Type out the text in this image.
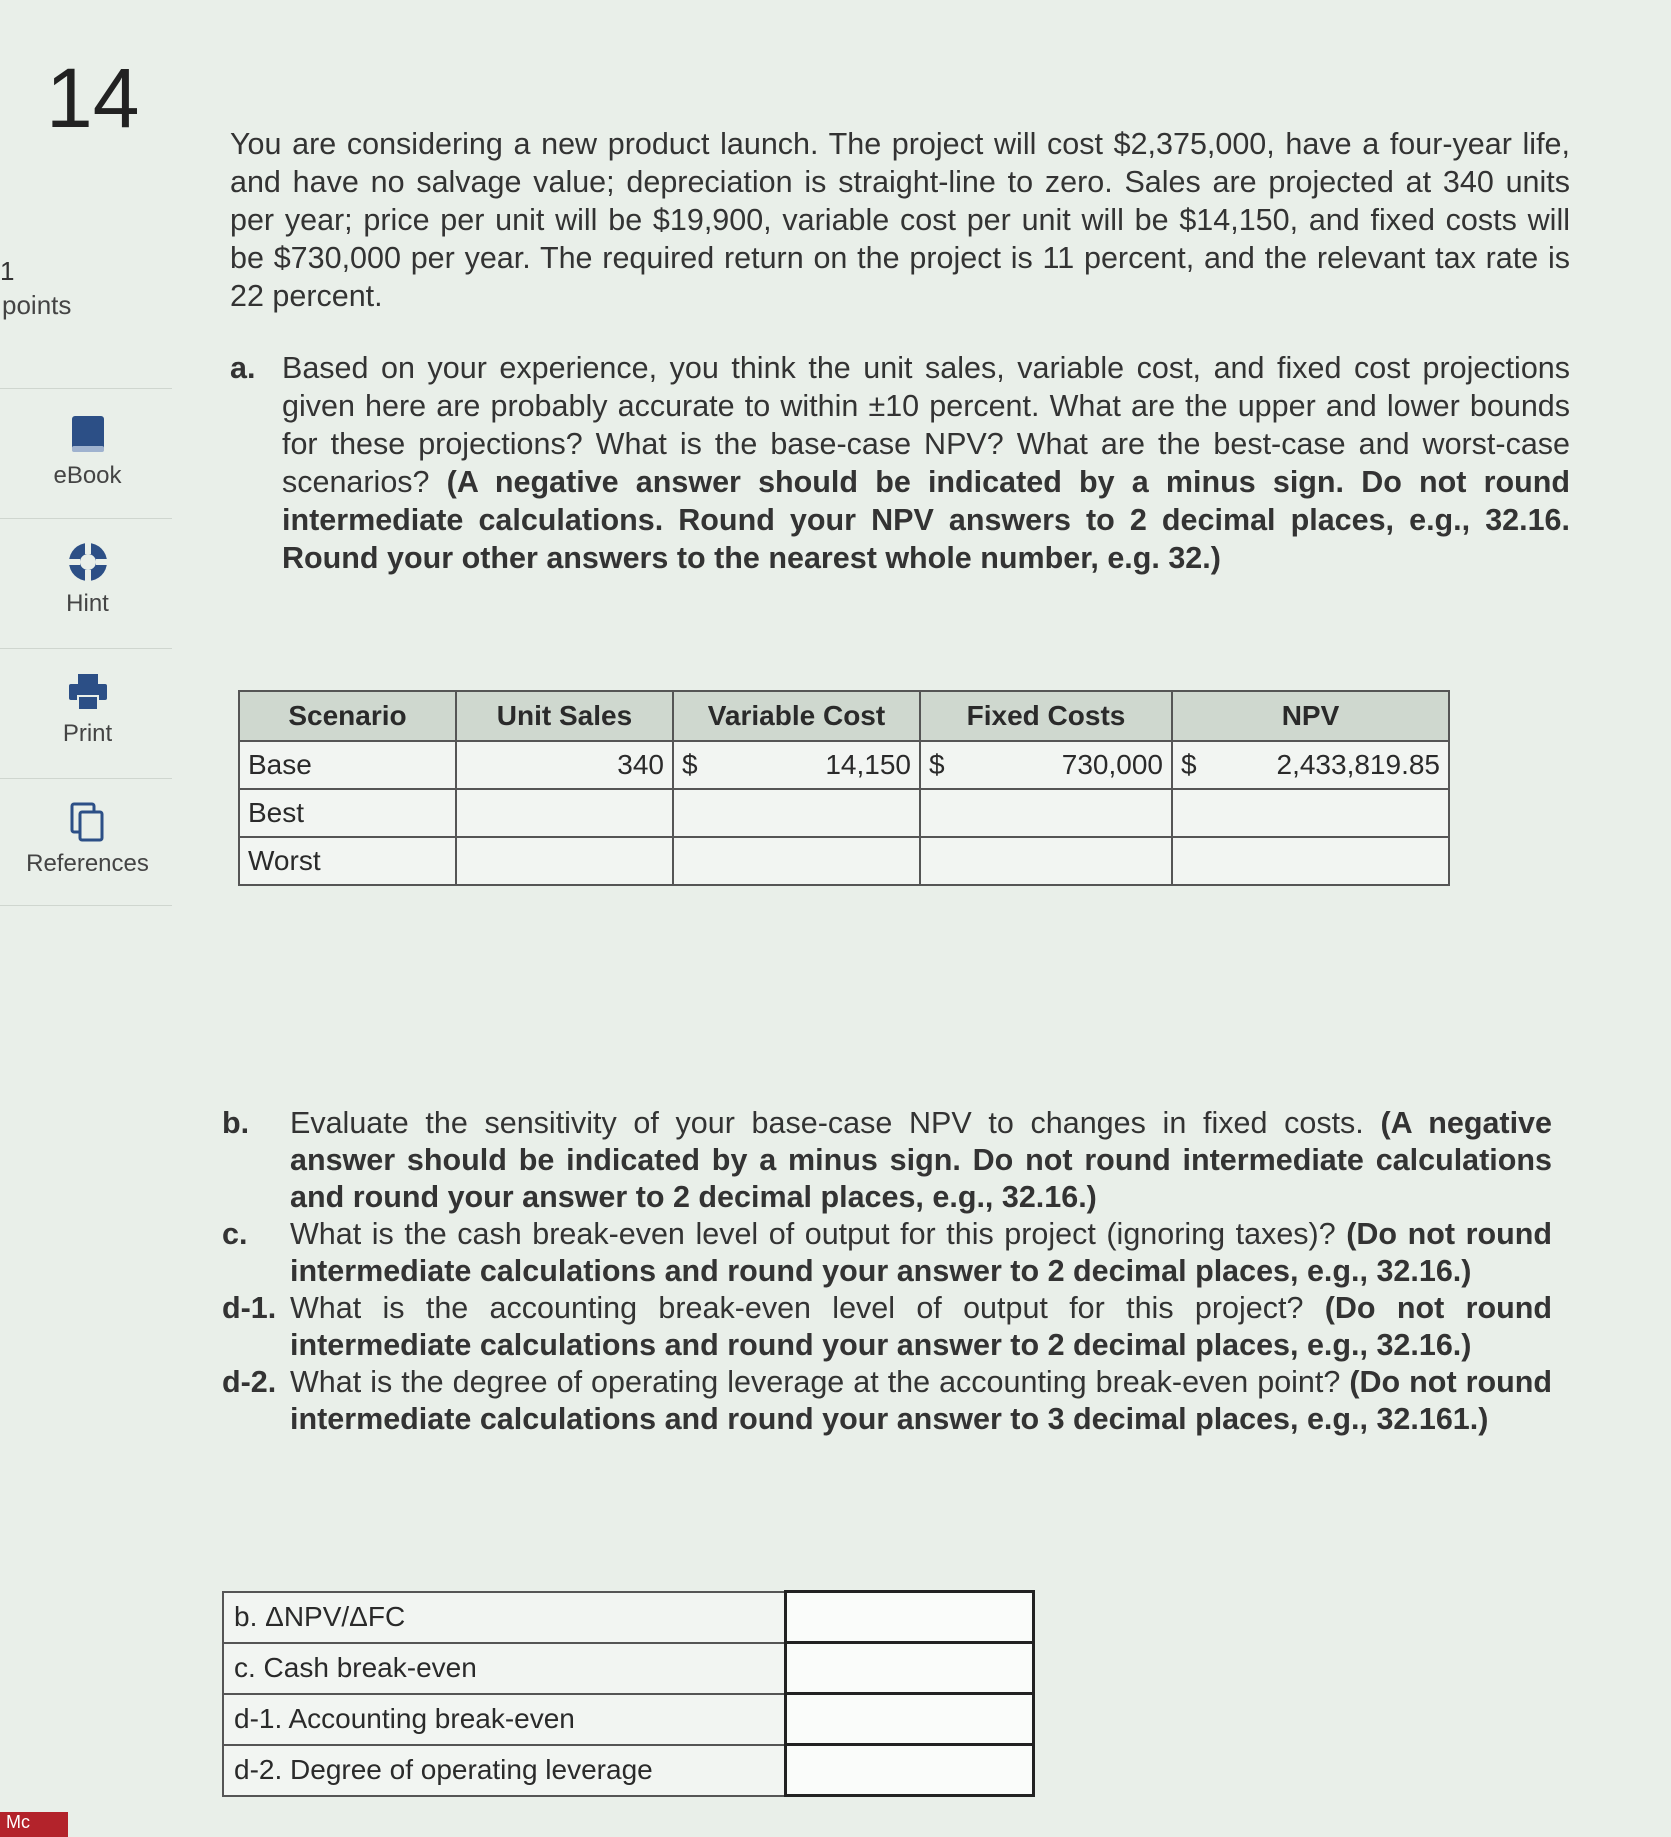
14
1
points
eBook
Hint
Print
References

You are considering a new product launch. The project will cost $2,375,000, have a four-year life, and have no salvage value; depreciation is straight-line to zero. Sales are projected at 340 units per year; price per unit will be $19,900, variable cost per unit will be $14,150, and fixed costs will be $730,000 per year. The required return on the project is 11 percent, and the relevant tax rate is 22 percent.

a. Based on your experience, you think the unit sales, variable cost, and fixed cost projections given here are probably accurate to within ±10 percent. What are the upper and lower bounds for these projections? What is the base-case NPV? What are the best-case and worst-case scenarios? (A negative answer should be indicated by a minus sign. Do not round intermediate calculations. Round your NPV answers to 2 decimal places, e.g., 32.16. Round your other answers to the nearest whole number, e.g. 32.)
Scenario	Unit Sales	Variable Cost	Fixed Costs	NPV
Base	340	$ 14,150	$ 730,000	$ 2,433,819.85

Best				
Worst				
b. Evaluate the sensitivity of your base-case NPV to changes in fixed costs. (A negative answer should be indicated by a minus sign. Do not round intermediate calculations and round your answer to 2 decimal places, e.g., 32.16.)
c. What is the cash break-even level of output for this project (ignoring taxes)? (Do not round intermediate calculations and round your answer to 2 decimal places, e.g., 32.16.)
d-1. What is the accounting break-even level of output for this project? (Do not round intermediate calculations and round your answer to 2 decimal places, e.g., 32.16.)
d-2. What is the degree of operating leverage at the accounting break-even point? (Do not round intermediate calculations and round your answer to 3 decimal places, e.g., 32.161.)
b. ΔNPV/ΔFC	
c. Cash break-even	
d-1. Accounting break-even	
d-2. Degree of operating leverage	
Mc
